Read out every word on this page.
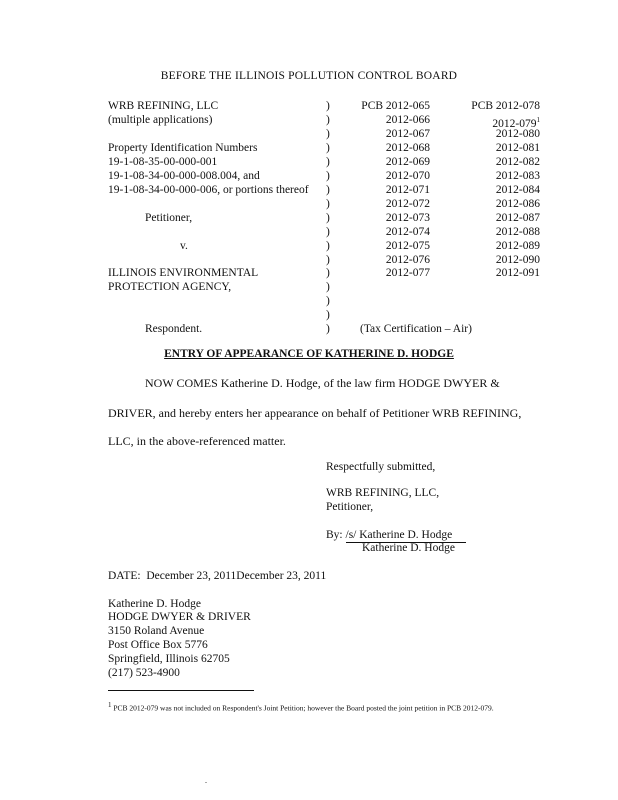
BEFORE THE ILLINOIS POLLUTION CONTROL BOARD
WRB REFINING, LLC
(multiple applications)
Property Identification Numbers
19-1-08-35-00-000-001
19-1-08-34-00-000-008.004, and
19-1-08-34-00-000-006, or portions thereof
Petitioner,
v.
ILLINOIS ENVIRONMENTAL
PROTECTION AGENCY,
Respondent.
)
)
)
)
)
)
)
)
)
)
)
)
)
)
)
)
)
PCB 2012-065
2012-066
2012-067
2012-068
2012-069
2012-070
2012-071
2012-072
2012-073
2012-074
2012-075
2012-076
2012-077
PCB 2012-078
$2012-079^1$
2012-080
2012-081
2012-082
2012-083
2012-084
2012-086
2012-087
2012-088
2012-089
2012-090
2012-091
(Tax Certification – Air)
ENTRY OF APPEARANCE OF KATHERINE D. HODGE
NOW COMES Katherine D. Hodge, of the law firm HODGE DWYER &
DRIVER, and hereby enters her appearance on behalf of Petitioner WRB REFINING,
LLC, in the above-referenced matter.
Respectfully submitted,
WRB REFINING, LLC,
Petitioner,
By: /s/ Katherine D. Hodge
Katherine D. Hodge
DATE: December 23, 2011December 23, 2011
Katherine D. Hodge
HODGE DWYER & DRIVER
3150 Roland Avenue
Post Office Box 5776
Springfield, Illinois 62705
(217) 523-4900
$^1$ PCB 2012-079 was not included on Respondent's Joint Petition; however the Board posted the joint petition in PCB 2012-079.
.
